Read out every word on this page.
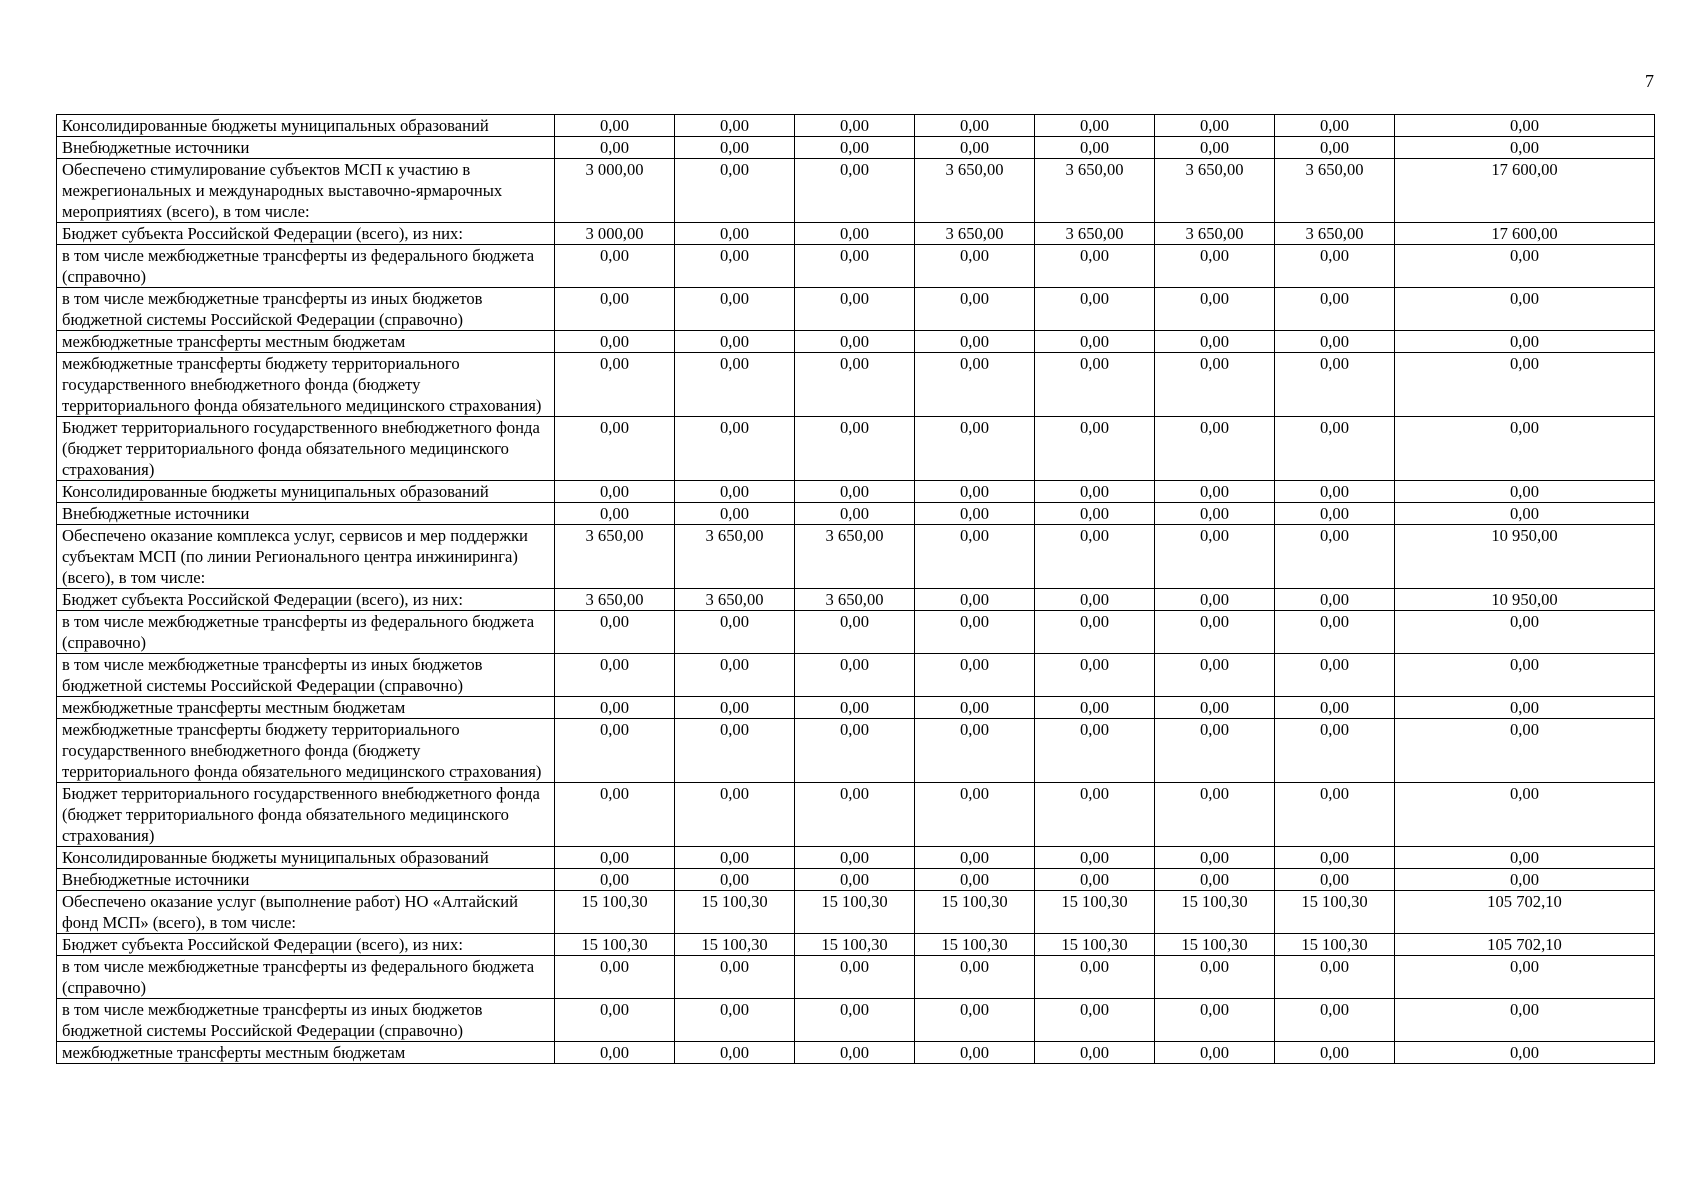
7
Консолидированные бюджеты муниципальных образований	0,00	0,00	0,00	0,00	0,00	0,00	0,00	0,00
Внебюджетные источники	0,00	0,00	0,00	0,00	0,00	0,00	0,00	0,00
Обеспечено стимулирование субъектов МСП к участию в межрегиональных и международных выставочно-ярмарочных мероприятиях (всего), в том числе:	3 000,00	0,00	0,00	3 650,00	3 650,00	3 650,00	3 650,00	17 600,00
Бюджет субъекта Российской Федерации (всего), из них:	3 000,00	0,00	0,00	3 650,00	3 650,00	3 650,00	3 650,00	17 600,00
в том числе межбюджетные трансферты из федерального бюджета (справочно)	0,00	0,00	0,00	0,00	0,00	0,00	0,00	0,00
в том числе межбюджетные трансферты из иных бюджетов бюджетной системы Российской Федерации (справочно)	0,00	0,00	0,00	0,00	0,00	0,00	0,00	0,00
межбюджетные трансферты местным бюджетам	0,00	0,00	0,00	0,00	0,00	0,00	0,00	0,00
межбюджетные трансферты бюджету территориального государственного внебюджетного фонда (бюджету территориального фонда обязательного медицинского страхования)	0,00	0,00	0,00	0,00	0,00	0,00	0,00	0,00
Бюджет территориального государственного внебюджетного фонда (бюджет территориального фонда обязательного медицинского страхования)	0,00	0,00	0,00	0,00	0,00	0,00	0,00	0,00
Консолидированные бюджеты муниципальных образований	0,00	0,00	0,00	0,00	0,00	0,00	0,00	0,00
Внебюджетные источники	0,00	0,00	0,00	0,00	0,00	0,00	0,00	0,00
Обеспечено оказание комплекса услуг, сервисов и мер поддержки субъектам МСП (по линии Регионального центра инжиниринга) (всего), в том числе:	3 650,00	3 650,00	3 650,00	0,00	0,00	0,00	0,00	10 950,00
Бюджет субъекта Российской Федерации (всего), из них:	3 650,00	3 650,00	3 650,00	0,00	0,00	0,00	0,00	10 950,00
в том числе межбюджетные трансферты из федерального бюджета (справочно)	0,00	0,00	0,00	0,00	0,00	0,00	0,00	0,00
в том числе межбюджетные трансферты из иных бюджетов бюджетной системы Российской Федерации (справочно)	0,00	0,00	0,00	0,00	0,00	0,00	0,00	0,00
межбюджетные трансферты местным бюджетам	0,00	0,00	0,00	0,00	0,00	0,00	0,00	0,00
межбюджетные трансферты бюджету территориального государственного внебюджетного фонда (бюджету территориального фонда обязательного медицинского страхования)	0,00	0,00	0,00	0,00	0,00	0,00	0,00	0,00
Бюджет территориального государственного внебюджетного фонда (бюджет территориального фонда обязательного медицинского страхования)	0,00	0,00	0,00	0,00	0,00	0,00	0,00	0,00
Консолидированные бюджеты муниципальных образований	0,00	0,00	0,00	0,00	0,00	0,00	0,00	0,00
Внебюджетные источники	0,00	0,00	0,00	0,00	0,00	0,00	0,00	0,00
Обеспечено оказание услуг (выполнение работ) НО «Алтайский фонд МСП» (всего), в том числе:	15 100,30	15 100,30	15 100,30	15 100,30	15 100,30	15 100,30	15 100,30	105 702,10
Бюджет субъекта Российской Федерации (всего), из них:	15 100,30	15 100,30	15 100,30	15 100,30	15 100,30	15 100,30	15 100,30	105 702,10
в том числе межбюджетные трансферты из федерального бюджета (справочно)	0,00	0,00	0,00	0,00	0,00	0,00	0,00	0,00
в том числе межбюджетные трансферты из иных бюджетов бюджетной системы Российской Федерации (справочно)	0,00	0,00	0,00	0,00	0,00	0,00	0,00	0,00
межбюджетные трансферты местным бюджетам	0,00	0,00	0,00	0,00	0,00	0,00	0,00	0,00
